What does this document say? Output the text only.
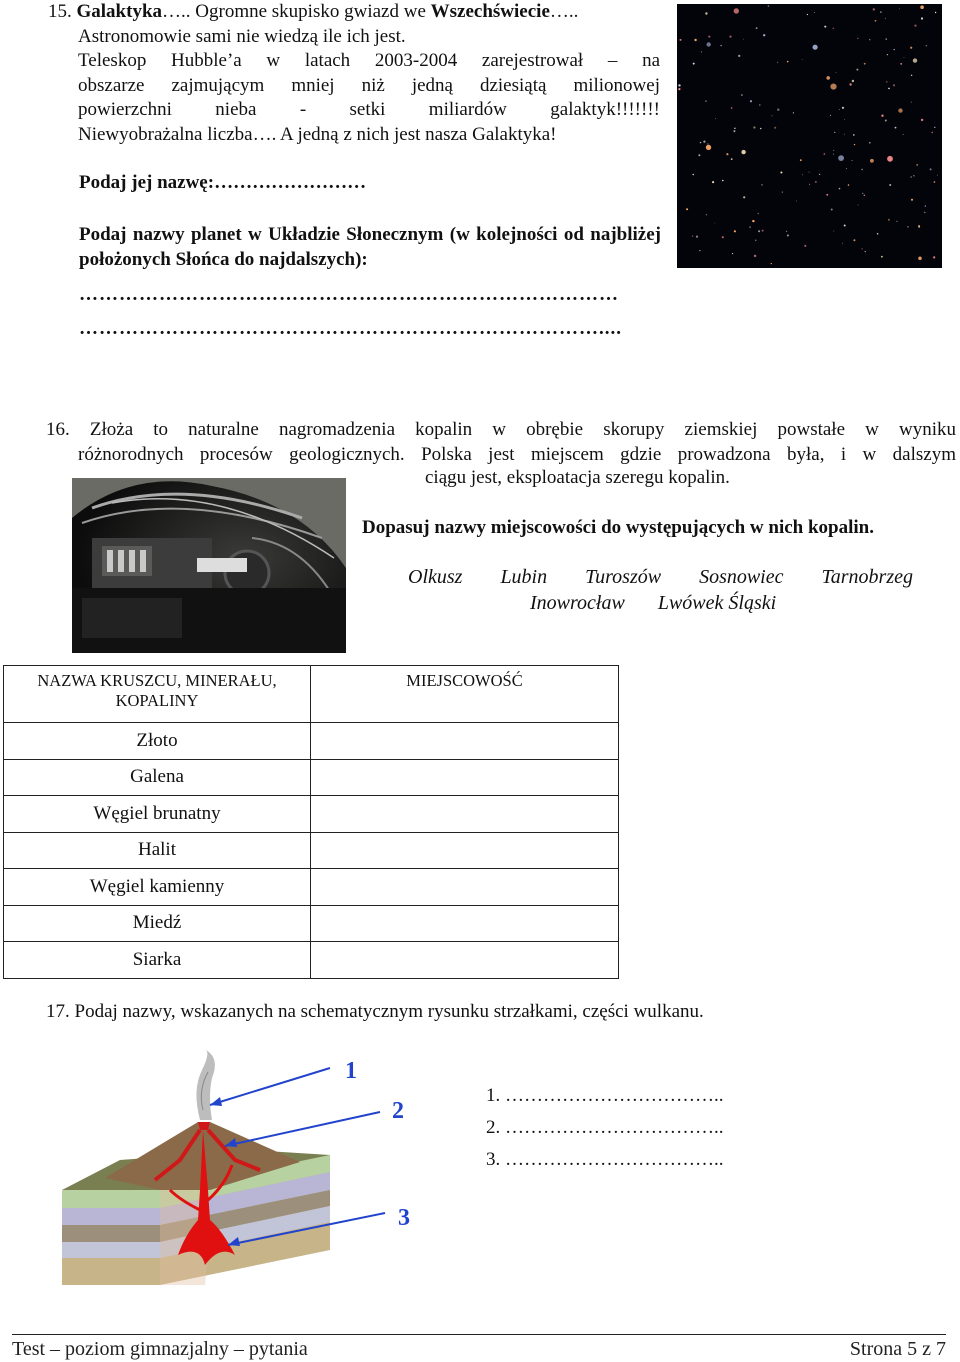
15. Galaktyka….. Ogromne skupisko gwiazd we Wszechświecie…..
Astronomowie sami nie wiedzą ile ich jest.
Teleskop Hubble’a w latach 2003-2004 zarejestrował – na
obszarze zajmującym mniej niż jedną dziesiątą milionowej
powierzchni nieba - setki miliardów galaktyk!!!!!!!
Niewyobrażalna liczba…. A jedną z nich jest nasza Galaktyka!
Podaj jej nazwę:……………………
Podaj nazwy planet w Układzie Słonecznym (w kolejności od najbliżej położonych Słońca do najdalszych):
………………………………………………………………………
……………………………………………………………………....
16. Złoża to naturalne nagromadzenia kopalin w obrębie skorupy ziemskiej powstałe w wyniku
różnorodnych procesów geologicznych. Polska jest miejscem gdzie prowadzona była, i w dalszym
ciągu jest, eksploatacja szeregu kopalin.
Dopasuj nazwy miejscowości do występujących w nich kopalin.
Olkusz Lubin Turoszów Sosnowiec Tarnobrzeg
Inowrocław Lwówek Śląski
NAZWA KRUSZCU, MINERAŁU, KOPALINY	MIEJSCOWOŚĆ
Złoto	
Galena	
Węgiel brunatny	
Halit	
Węgiel kamienny	
Miedź	
Siarka	
17. Podaj nazwy, wskazanych na schematycznym rysunku strzałkami, części wulkanu.
1
2
3
1. ……………………………..
2. ……………………………..
3. ……………………………..
Test – poziom gimnazjalny – pytania	Strona 5 z 7
